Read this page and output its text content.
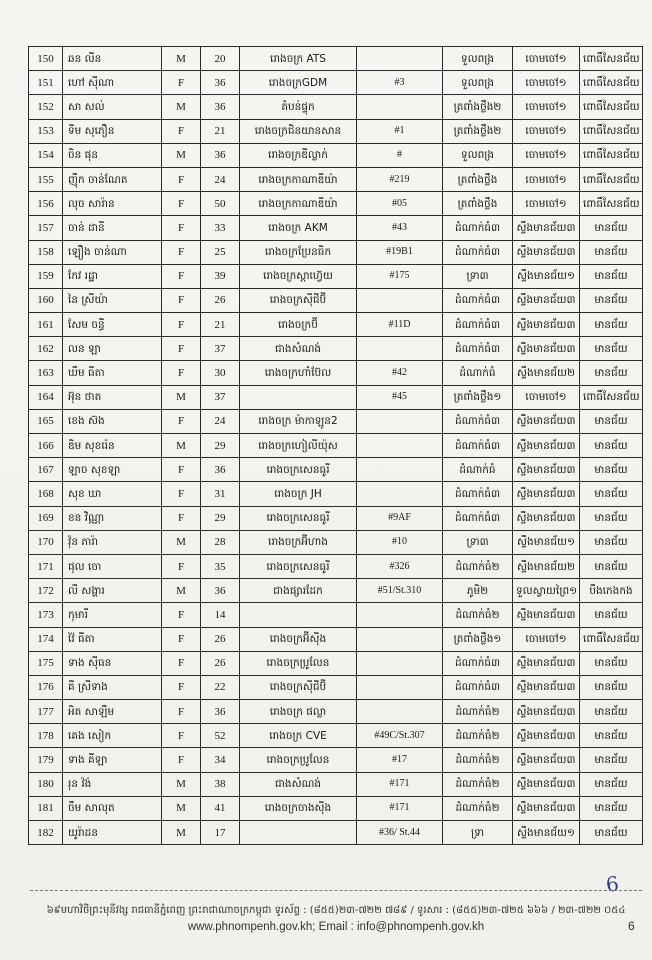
150	ឆន លីន	M	20	រោងចក្រ ATS		ទួលពង្រ	ចោមចៅ១	ពោធិ៍សែនជ័យ
151	ហៅ ស៊ីណា	F	36	រោងចក្រGDM	#3	ទួលពង្រ	ចោមចៅ១	ពោធិ៍សែនជ័យ
152	សា សល់	M	36	តំបន់ផ្ទុក		ត្រពាំងថ្លឹង២	ចោមចៅ១	ពោធិ៍សែនជ័យ
153	ទីម សុភឿន	F	21	រោងចក្រជិនយានសាន	#1	ត្រពាំងថ្លឹង២	ចោមចៅ១	ពោធិ៍សែនជ័យ
154	ចិន ផុន	M	36	រោងចក្រឌីល្លាក់	#	ទួលពង្រ	ចោមចៅ១	ពោធិ៍សែនជ័យ
155	ញ៉ឹក ចាន់ណែត	F	24	រោងចក្រកាណាឌីយ៉ា	#219	ត្រពាំងថ្លឹង	ចោមចៅ១	ពោធិ៍សែនជ័យ
156	លុច សារ៉ាន	F	50	រោងចក្រកាណាឌីយ៉ា	#05	ត្រពាំងថ្លឹង	ចោមចៅ១	ពោធិ៍សែនជ័យ
157	ចាន់ ដានី	F	33	រោងចក្រ AKM	#43	ដំណាក់ធំ៣	ស្ទឹងមានជ័យ៣	មានជ័យ
158	ឡឿង ចាន់ណា	F	25	រោងចក្រប្រែនធិក	#19B1	ដំណាក់ធំ៣	ស្ទឹងមានជ័យ៣	មានជ័យ
159	កែវ រដ្ឋា	F	39	រោងចក្រស្តាហ៊្វេយ	#175	ទ្រា៣	ស្ទឹងមានជ័យ១	មានជ័យ
160	នៃ ស្រីយ៉ា	F	26	រោងចក្រស៊ីជីប៊ី		ដំណាក់ធំ៣	ស្ទឹងមានជ័យ៣	មានជ័យ
161	សែម ចន្ធី	F	21	រោងចក្រប៊ី	#11D	ដំណាក់ធំ៣	ស្ទឹងមានជ័យ៣	មានជ័យ
162	លន ឡា	F	37	ជាងសំណង់		ដំណាក់ធំ៣	ស្ទឹងមានជ័យ៣	មានជ័យ
163	ឃឹម ធីតា	F	30	រោងចក្រហាំប៊ែល	#42	ដំណាក់ធំ	ស្ទឹងមានជ័យ២	មានជ័យ
164	អ៊ុន ថាត	M	37		#45	ត្រពាំងថ្លឹង១	ចោមចៅ១	ពោធិ៍សែនជ័យ
165	ខេង ស៊ង	F	24	រោងចក្រ ម៉ាកាឡូន2		ដំណាក់ធំ៣	ស្ទឹងមានជ័យ៣	មានជ័យ
166	ឌិម សុខរ៉េន	M	29	រោងចក្រហៀលីយ៉ុស		ដំណាក់ធំ៣	ស្ទឹងមានជ័យ៣	មានជ័យ
167	ឡាច សុខឡា	F	36	រោងចក្រសេនធូរី		ដំណាក់ធំ	ស្ទឹងមានជ័យ៣	មានជ័យ
168	សុខ ឃា	F	31	រោងចក្រ JH		ដំណាក់ធំ៣	ស្ទឹងមានជ័យ៣	មានជ័យ
169	ខន វិណ្ណា	F	29	រោងចក្រសេនធូរី	#9AF	ដំណាក់ធំ៣	ស្ទឹងមានជ័យ៣	មានជ័យ
170	វ៉ុន ភារ៉ា	M	28	រោងចក្រអ៊ីហាង	#10	ទ្រា៣	ស្ទឹងមានជ័យ១	មានជ័យ
171	ផុល ចោ	F	35	រោងចក្រសេនធូរី	#326	ដំណាក់ធំ២	ស្ទឹងមានជ័យ២	មានជ័យ
172	លី សង្ហារ	M	36	ជាងផ្សារដែក	#51/St.310	ភូមិ២	ទួលស្វាយព្រៃ១	បឹងកេងកង
173	កុមារី	F	14			ដំណាក់ធំ២	ស្ទឹងមានជ័យ៣	មានជ័យ
174	វ៉ៃ ធីតា	F	26	រោងចក្រអ៊ីស៊ីង		ត្រពាំងថ្លឹង១	ចោមចៅ១	ពោធិ៍សែនជ័យ
175	ទាង ស៊ីធន	F	26	រោងចក្រប្រូលែន		ដំណាក់ធំ៣	ស្ទឹងមានជ័យ៣	មានជ័យ
176	គី ស្រីទាង	F	22	រោងចក្រស៊ីជីប៊ី		ដំណាក់ធំ៣	ស្ទឹងមានជ័យ៣	មានជ័យ
177	អិត សាឡឹម	F	36	រោងចក្រ ផល្លា		ដំណាក់ធំ២	ស្ទឹងមានជ័យ៣	មានជ័យ
178	គេង សៀក	F	52	រោងចក្រ CVE	#49C/St.307	ដំណាក់ធំ២	ស្ទឹងមានជ័យ៣	មានជ័យ
179	ទាង គីឡា	F	34	រោងចក្រប្រូលែន	#17	ដំណាក់ធំ២	ស្ទឹងមានជ័យ៣	មានជ័យ
180	រុន វ៉ង់	M	38	ជាងសំណង់	#171	ដំណាក់ធំ២	ស្ទឹងមានជ័យ៣	មានជ័យ
181	ចឹម សាលុត	M	41	រោងចក្រចាងស៊ីង	#171	ដំណាក់ធំ២	ស្ទឹងមានជ័យ៣	មានជ័យ
182	យូរ៉ាដន	M	17		#36/ St.44	ទ្រា	ស្ទឹងមានជ័យ១	មានជ័យ
6
៦៩មហាវិថីព្រះមុនីវង្ស រាជធានីភ្នំពេញ ព្រះរាជាណាចក្រកម្ពុជា ទូរស័ព្ទ : (៨៥៥)២៣-៧២២ ៧៨៩ / ទូរសារ : (៨៥៥)២៣-៧២៥ ៦៦៦ / ២៣-៧២២ ០៥៤
www.phnompenh.gov.kh; Email : info@phnompenh.gov.kh	6
